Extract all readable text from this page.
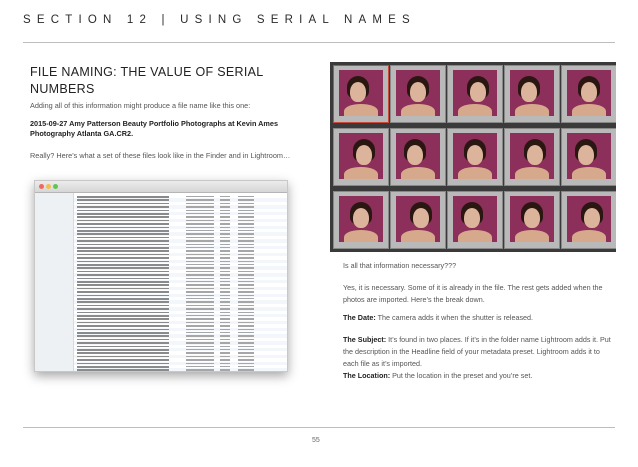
SECTION 12 | USING SERIAL NAMES
FILE NAMING: THE VALUE OF SERIAL NUMBERS
Adding all of this information might produce a file name like this one:
2015-09-27 Amy Patterson Beauty Portfolio Photographs at Kevin Ames Photography Atlanta GA.CR2.
Really? Here’s what a set of these files look like in the Finder and in Lightroom…
Is all that information necessary???
Yes, it is necessary. Some of it is already in the file. The rest gets added when the photos are imported. Here’s the break down.
The Date: The camera adds it when the shutter is released.
The Subject: It’s found in two places. If it’s in the folder name Lightroom adds it. Put the description in the Headline field of your metadata preset. Lightroom adds it to each file as it’s imported.
The Location: Put the location in the preset and you’re set.
55
